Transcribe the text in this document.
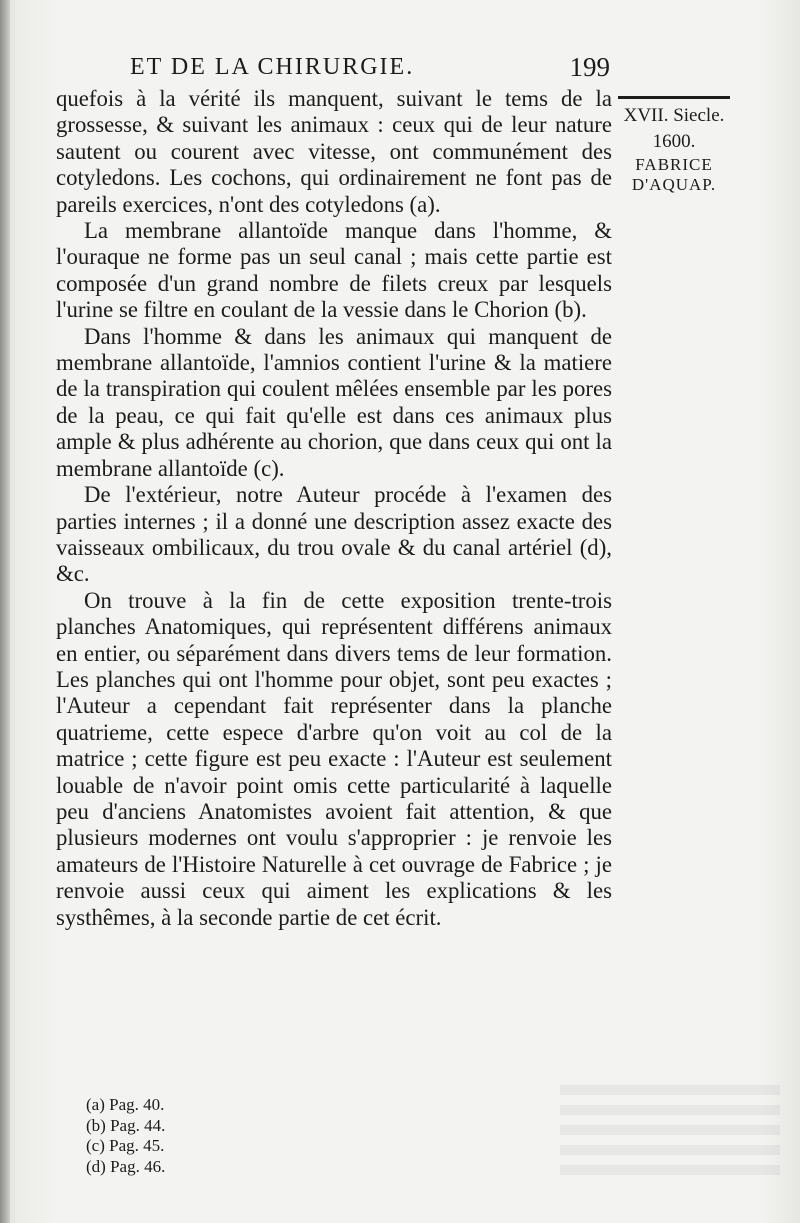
ET DE LA CHIRURGIE.	199

quefois à la vérité ils manquent, suivant le tems de la grossesse, & suivant les animaux : ceux qui de leur nature sautent ou courent avec vitesse, ont communément des cotyledons. Les cochons, qui ordinairement ne font pas de pareils exercices, n'ont des cotyledons (a).

La membrane allantoïde manque dans l'homme, & l'ouraque ne forme pas un seul canal ; mais cette partie est composée d'un grand nombre de filets creux par lesquels l'urine se filtre en coulant de la vessie dans le Chorion (b).

Dans l'homme & dans les animaux qui manquent de membrane allantoïde, l'amnios contient l'urine & la matiere de la transpiration qui coulent mêlées ensemble par les pores de la peau, ce qui fait qu'elle est dans ces animaux plus ample & plus adhérente au chorion, que dans ceux qui ont la membrane allantoïde (c).

De l'extérieur, notre Auteur procéde à l'examen des parties internes ; il a donné une description assez exacte des vaisseaux ombilicaux, du trou ovale & du canal artériel (d), &c.

On trouve à la fin de cette exposition trente-trois planches Anatomiques, qui représentent différens animaux en entier, ou séparément dans divers tems de leur formation. Les planches qui ont l'homme pour objet, sont peu exactes ; l'Auteur a cependant fait représenter dans la planche quatrieme, cette espece d'arbre qu'on voit au col de la matrice ; cette figure est peu exacte : l'Auteur est seulement louable de n'avoir point omis cette particularité à laquelle peu d'anciens Anatomistes avoient fait attention, & que plusieurs modernes ont voulu s'approprier : je renvoie les amateurs de l'Histoire Naturelle à cet ouvrage de Fabrice ; je renvoie aussi ceux qui aiment les explications & les systhêmes, à la seconde partie de cet écrit.

XVII. Siecle.
1600.
FABRICE
D'AQUAP.
(a) Pag. 40.
(b) Pag. 44.
(c) Pag. 45.
(d) Pag. 46.
